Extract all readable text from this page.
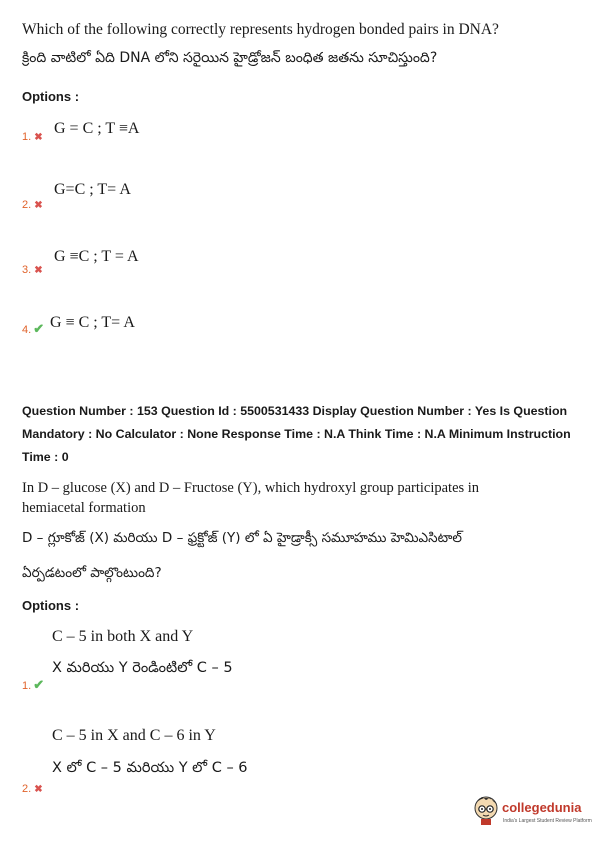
Which of the following correctly represents hydrogen bonded pairs in DNA?
క్రింది వాటిలో ఏది DNA లోని సరైయిన హైడ్రోజన్ బంధిత జతను సూచిస్తుంది?
Options :
1. ✖
G = C ; T ≡A
G=C ; T= A
2. ✖
G ≡C ; T = A
3. ✖
4. ✔ G ≡ C ; T= A
Question Number : 153 Question Id : 5500531433 Display Question Number : Yes Is Question
Mandatory : No Calculator : None Response Time : N.A Think Time : N.A Minimum Instruction
Time : 0
In D – glucose (X) and D – Fructose (Y), which hydroxyl group participates in
hemiacetal formation
D – గ్లూకోజ్ (X) మరియు D – ఫ్రక్టోజ్ (Y) లో ఏ హైడ్రాక్సీ సమూహము హెమిఎసిటాల్
ఏర్పడటంలో పాల్గొంటుంది?
Options :
C – 5 in both X and Y
X మరియు Y రెండింటిలో C – 5
1. ✔
C – 5 in X and C – 6 in Y
X లో C – 5 మరియు Y లో C – 6
2. ✖
collegedunia
India's Largest Student Review Platform
